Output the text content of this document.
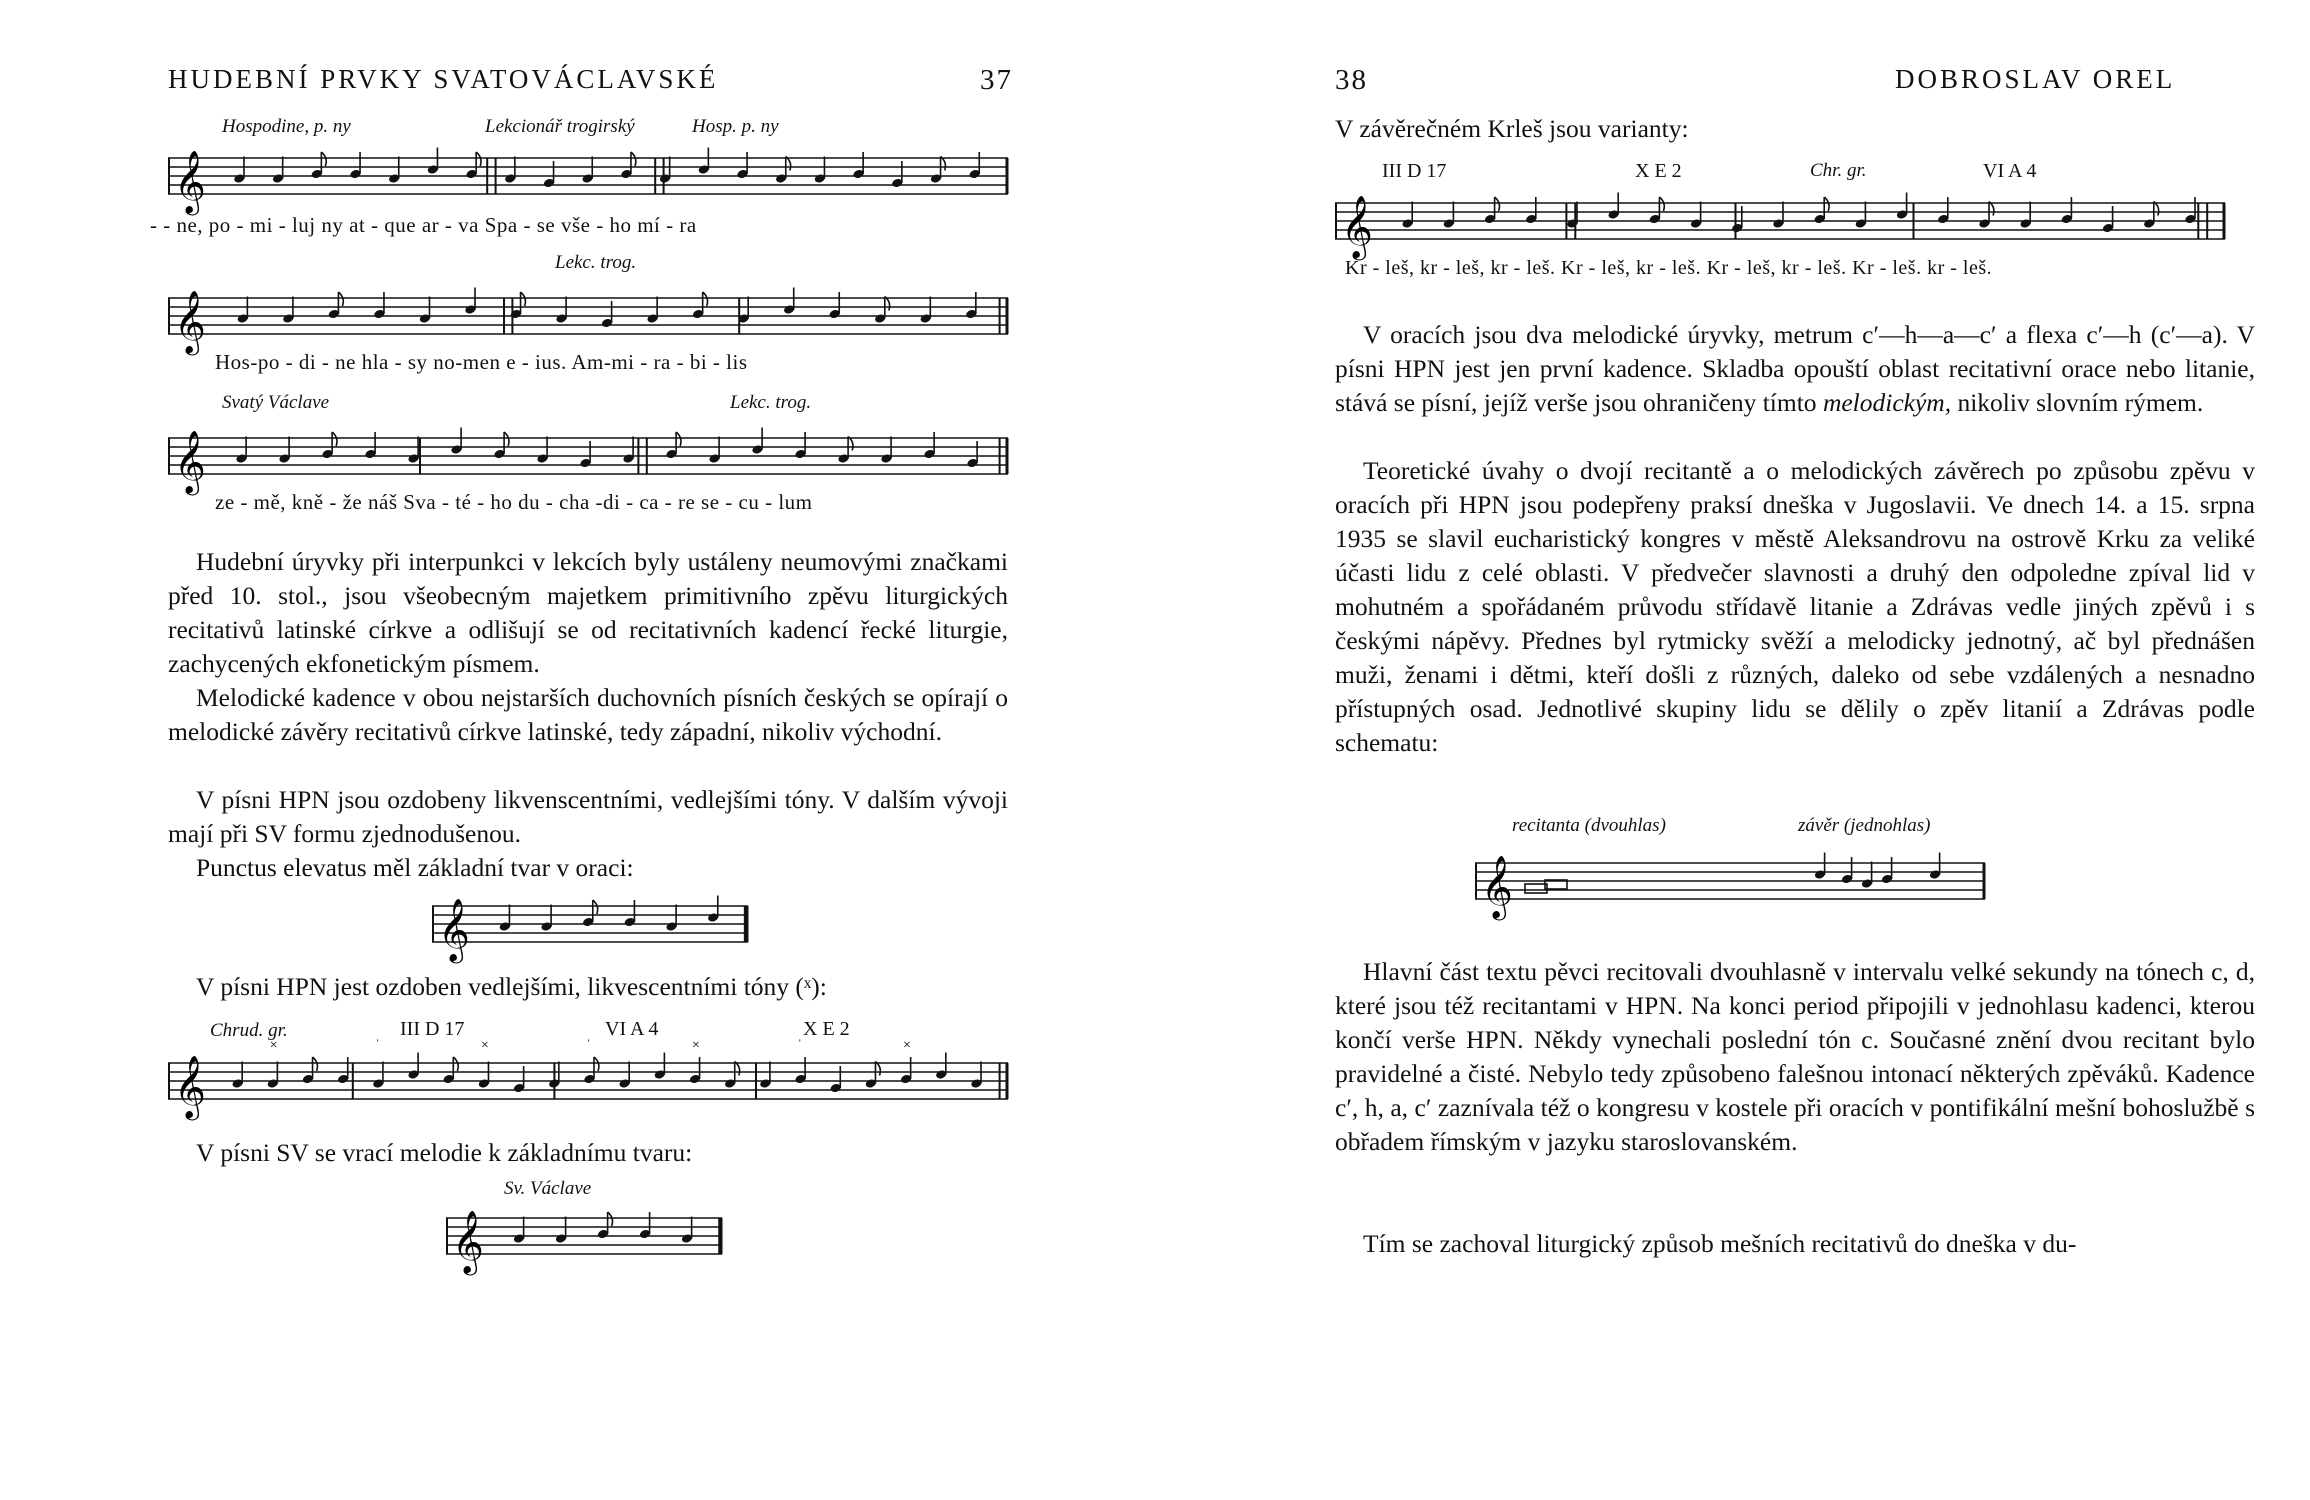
HUDEBNÍ PRVKY SVATOVÁCLAVSKÉ	37
Hospodine, p. ny	Lekcionář trogirský	Hosp. p. ny
𝄞
- - ne, po - mi - luj ny at - que ar - va Spa - se vše - ho mí - ra
Lekc. trog.
𝄞
Hos-po - di - ne hla - sy no-men e - ius. Am-mi - ra - bi - lis
Svatý Václave	Lekc. trog.
𝄞
ze - mě, kně - že náš Sva - té - ho du - cha -di - ca - re se - cu - lum

Hudební úryvky při interpunkci v lekcích byly ustáleny neumovými značkami před 10. stol., jsou všeobecným majetkem primitivního zpěvu liturgických recitativů latinské církve a odlišují se od recitativních kadencí řecké liturgie, zachycených ekfonetickým písmem.

Melodické kadence v obou nejstarších duchovních písních českých se opírají o melodické závěry recitativů církve latinské, tedy západní, nikoliv východní.

V písni HPN jsou ozdobeny likvenscentními, vedlejšími tóny. V dalším vývoji mají při SV formu zjednodušenou.

Punctus elevatus měl základní tvar v oraci:

𝄞

V písni HPN jest ozdoben vedlejšími, likvescentními tóny (ˣ):

Chrud. gr.	III D 17	VI A 4	X E 2
𝄞
×	ˈ	×	ˈ	×	ˈ	×

V písni SV se vrací melodie k základnímu tvaru:

Sv. Václave
𝄞
38	DOBROSLAV OREL

V závěrečném Krleš jsou varianty:

III D 17	X E 2	Chr. gr.	VI A 4
𝄞
Kr - leš, kr - leš, kr - leš. Kr - leš, kr - leš. Kr - leš, kr - leš. Kr - leš. kr - leš.

V oracích jsou dva melodické úryvky, metrum c′—h—a—c′ a flexa c′—h (c′—a). V písni HPN jest jen první kadence. Skladba opouští oblast recitativní orace nebo litanie, stává se písní, jejíž verše jsou ohraničeny tímto melodickým, nikoliv slovním rýmem.

Teoretické úvahy o dvojí recitantě a o melodických závěrech po způsobu zpěvu v oracích při HPN jsou podepřeny praksí dneška v Jugoslavii. Ve dnech 14. a 15. srpna 1935 se slavil eucharistický kongres v městě Aleksandrovu na ostrově Krku za veliké účasti lidu z celé oblasti. V předvečer slavnosti a druhý den odpoledne zpíval lid v mohutném a spořádaném průvodu střídavě litanie a Zdrávas vedle jiných zpěvů i s českými nápěvy. Přednes byl rytmicky svěží a melodicky jednotný, ač byl přednášen muži, ženami i dětmi, kteří došli z různých, daleko od sebe vzdálených a nesnadno přístupných osad. Jednotlivé skupiny lidu se dělily o zpěv litanií a Zdrávas podle schematu:

recitanta (dvouhlas)	závěr (jednohlas)
𝄞

Hlavní část textu pěvci recitovali dvouhlasně v intervalu velké sekundy na tónech c, d, které jsou též recitantami v HPN. Na konci period připojili v jednohlasu kadenci, kterou končí verše HPN. Někdy vynechali poslední tón c. Současné znění dvou recitant bylo pravidelné a čisté. Nebylo tedy způsobeno falešnou intonací některých zpěváků. Kadence c′, h, a, c′ zaznívala též o kongresu v kostele při oracích v pontifikální mešní bohoslužbě s obřadem římským v jazyku staroslovanském.

Tím se zachoval liturgický způsob mešních recitativů do dneška v du-
